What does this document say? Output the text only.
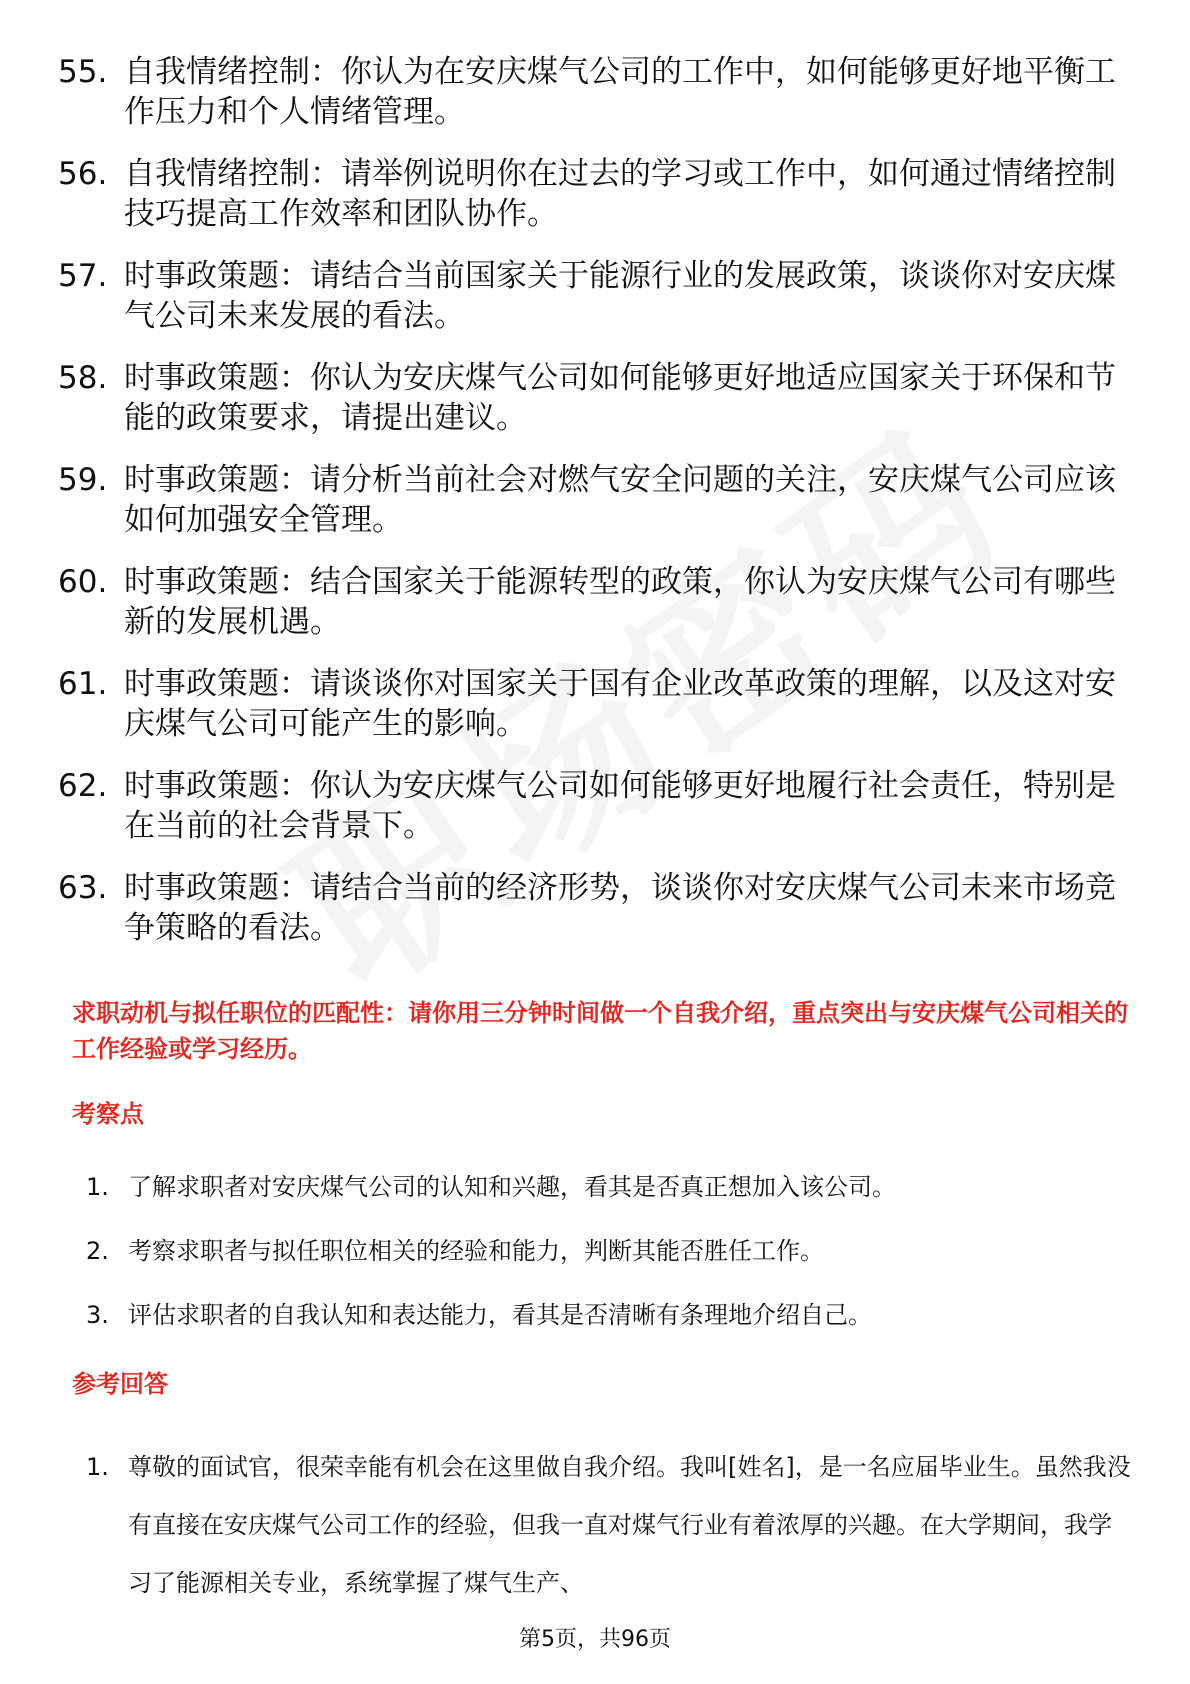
55. 自我情绪控制：你认为在安庆煤气公司的工作中，如何能够更好地平衡工作压力和个人情绪管理。
56. 自我情绪控制：请举例说明你在过去的学习或工作中，如何通过情绪控制技巧提高工作效率和团队协作。
57. 时事政策题：请结合当前国家关于能源行业的发展政策，谈谈你对安庆煤气公司未来发展的看法。
58. 时事政策题：你认为安庆煤气公司如何能够更好地适应国家关于环保和节能的政策要求，请提出建议。
59. 时事政策题：请分析当前社会对燃气安全问题的关注，安庆煤气公司应该如何加强安全管理。
60. 时事政策题：结合国家关于能源转型的政策，你认为安庆煤气公司有哪些新的发展机遇。
61. 时事政策题：请谈谈你对国家关于国有企业改革政策的理解，以及这对安庆煤气公司可能产生的影响。
62. 时事政策题：你认为安庆煤气公司如何能够更好地履行社会责任，特别是在当前的社会背景下。
63. 时事政策题：请结合当前的经济形势，谈谈你对安庆煤气公司未来市场竞争策略的看法。

求职动机与拟任职位的匹配性：请你用三分钟时间做一个自我介绍，重点突出与安庆煤气公司相关的工作经验或学习经历。

考察点
1. 了解求职者对安庆煤气公司的认知和兴趣，看其是否真正想加入该公司。
2. 考察求职者与拟任职位相关的经验和能力，判断其能否胜任工作。
3. 评估求职者的自我认知和表达能力，看其是否清晰有条理地介绍自己。
参考回答
1. 尊敬的面试官，很荣幸能有机会在这里做自我介绍。我叫[姓名]，是一名应届毕业生。虽然我没有直接在安庆煤气公司工作的经验，但我一直对煤气行业有着浓厚的兴趣。在大学期间，我学习了能源相关专业，系统掌握了煤气生产、
第5页，共96页
